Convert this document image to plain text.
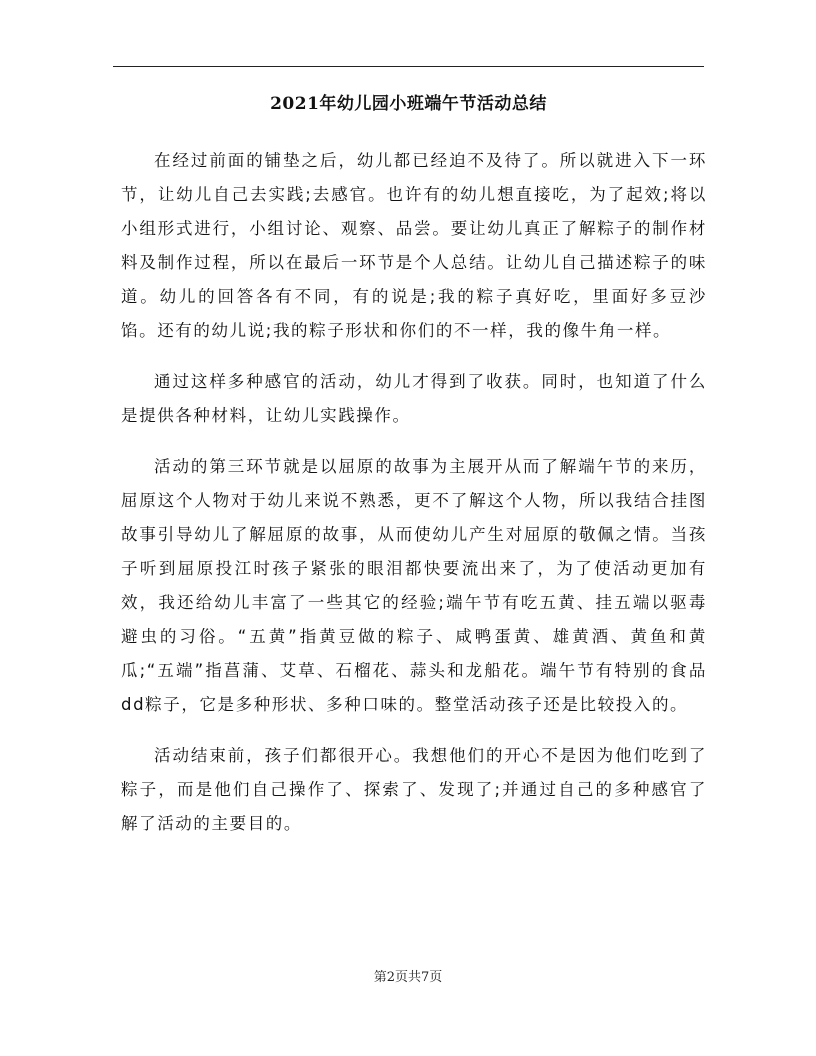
2021年幼儿园小班端午节活动总结

在经过前面的铺垫之后，幼儿都已经迫不及待了。所以就进入下一环节，让幼儿自己去实践;去感官。也许有的幼儿想直接吃，为了起效;将以小组形式进行，小组讨论、观察、品尝。要让幼儿真正了解粽子的制作材料及制作过程，所以在最后一环节是个人总结。让幼儿自己描述粽子的味道。幼儿的回答各有不同，有的说是;我的粽子真好吃，里面好多豆沙馅。还有的幼儿说;我的粽子形状和你们的不一样，我的像牛角一样。

通过这样多种感官的活动，幼儿才得到了收获。同时，也知道了什么是提供各种材料，让幼儿实践操作。

活动的第三环节就是以屈原的故事为主展开从而了解端午节的来历，屈原这个人物对于幼儿来说不熟悉，更不了解这个人物，所以我结合挂图故事引导幼儿了解屈原的故事，从而使幼儿产生对屈原的敬佩之情。当孩子听到屈原投江时孩子紧张的眼泪都快要流出来了，为了使活动更加有效，我还给幼儿丰富了一些其它的经验;端午节有吃五黄、挂五端以驱毒避虫的习俗。“五黄”指黄豆做的粽子、咸鸭蛋黄、雄黄酒、黄鱼和黄瓜;“五端”指菖蒲、艾草、石榴花、蒜头和龙船花。端午节有特别的食品dd粽子，它是多种形状、多种口味的。整堂活动孩子还是比较投入的。

活动结束前，孩子们都很开心。我想他们的开心不是因为他们吃到了粽子，而是他们自己操作了、探索了、发现了;并通过自己的多种感官了解了活动的主要目的。

第2页共7页
